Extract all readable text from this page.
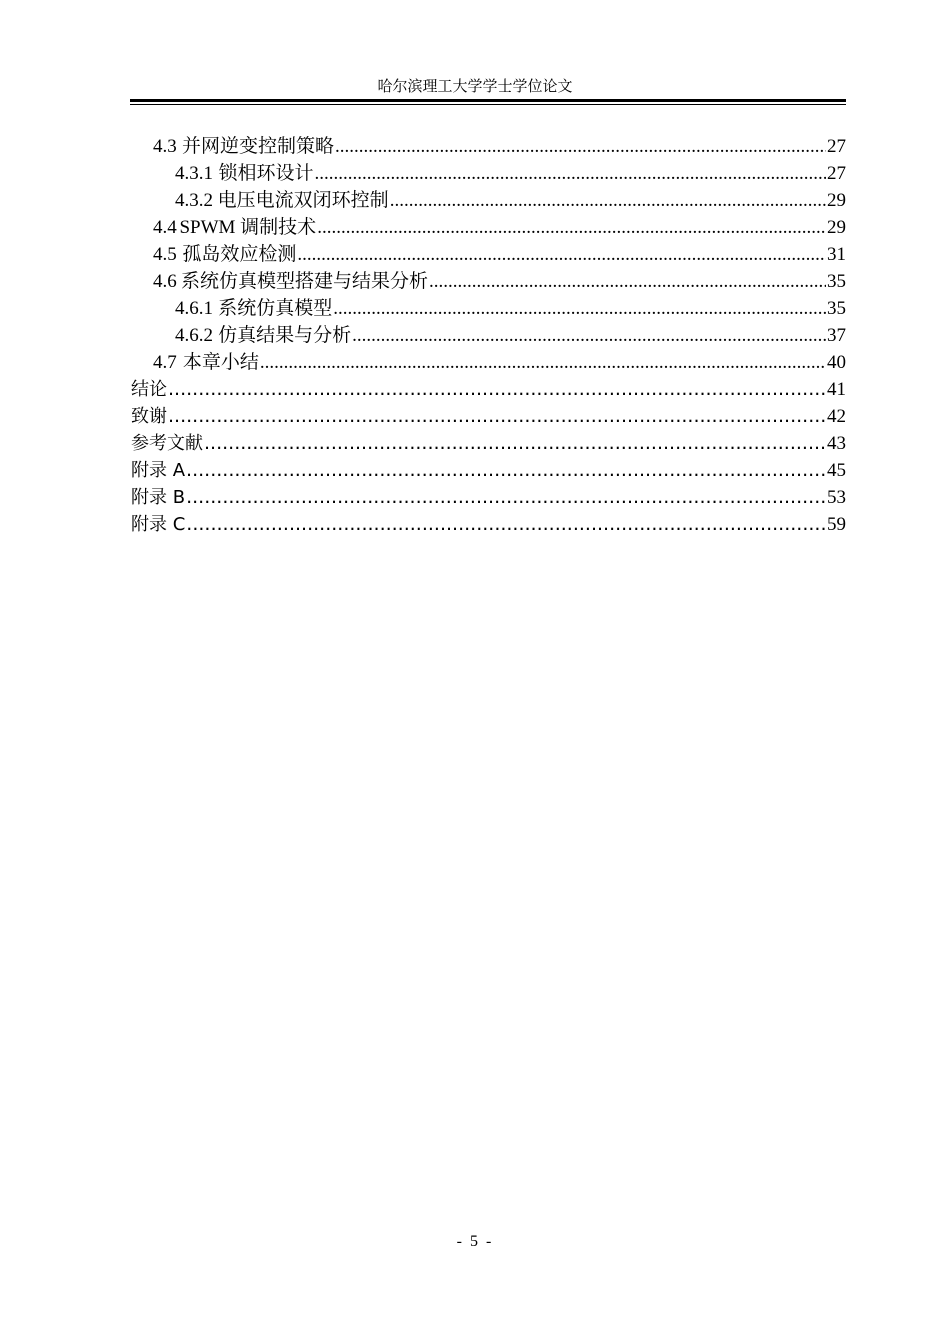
哈尔滨理工大学学士学位论文
4.3 并网逆变控制策略 .....	27
4.3.1 锁相环设计 .....	27
4.3.2 电压电流双闭环控制 .....	29
4.4 SPWM 调制技术 .....	29
4.5 孤岛效应检测 .....	31
4.6 系统仿真模型搭建与结果分析 .....	35
4.6.1 系统仿真模型 .....	35
4.6.2 仿真结果与分析 .....	37
4.7 本章小结 .....	40
结论 .....	41
致谢 .....	42
参考文献 .....	43
附录 A .....	45
附录 B .....	53
附录 C .....	59
- 5 -
